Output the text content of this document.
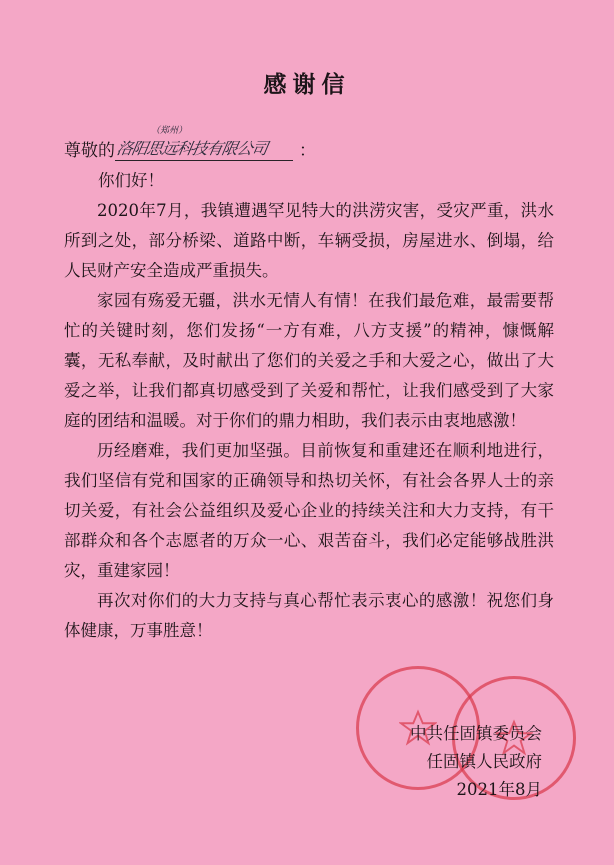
感谢信
尊敬的
（郑州）
洛阳思远科技有限公司 ：
你们好！

2020年7月，我镇遭遇罕见特大的洪涝灾害，受灾严重，洪水所到之处，部分桥梁、道路中断，车辆受损，房屋进水、倒塌，给人民财产安全造成严重损失。

家园有殇爱无疆，洪水无情人有情！在我们最危难，最需要帮忙的关键时刻，您们发扬“一方有难，八方支援”的精神，慷慨解囊，无私奉献，及时献出了您们的关爱之手和大爱之心，做出了大爱之举，让我们都真切感受到了关爱和帮忙，让我们感受到了大家庭的团结和温暖。对于你们的鼎力相助，我们表示由衷地感激！

历经磨难，我们更加坚强。目前恢复和重建还在顺利地进行，我们坚信有党和国家的正确领导和热切关怀，有社会各界人士的亲切关爱，有社会公益组织及爱心企业的持续关注和大力支持，有干部群众和各个志愿者的万众一心、艰苦奋斗，我们必定能够战胜洪灾，重建家园！

再次对你们的大力支持与真心帮忙表示衷心的感激！祝您们身体健康，万事胜意！

中共任固镇委员会
任固镇人民政府
2021年8月
